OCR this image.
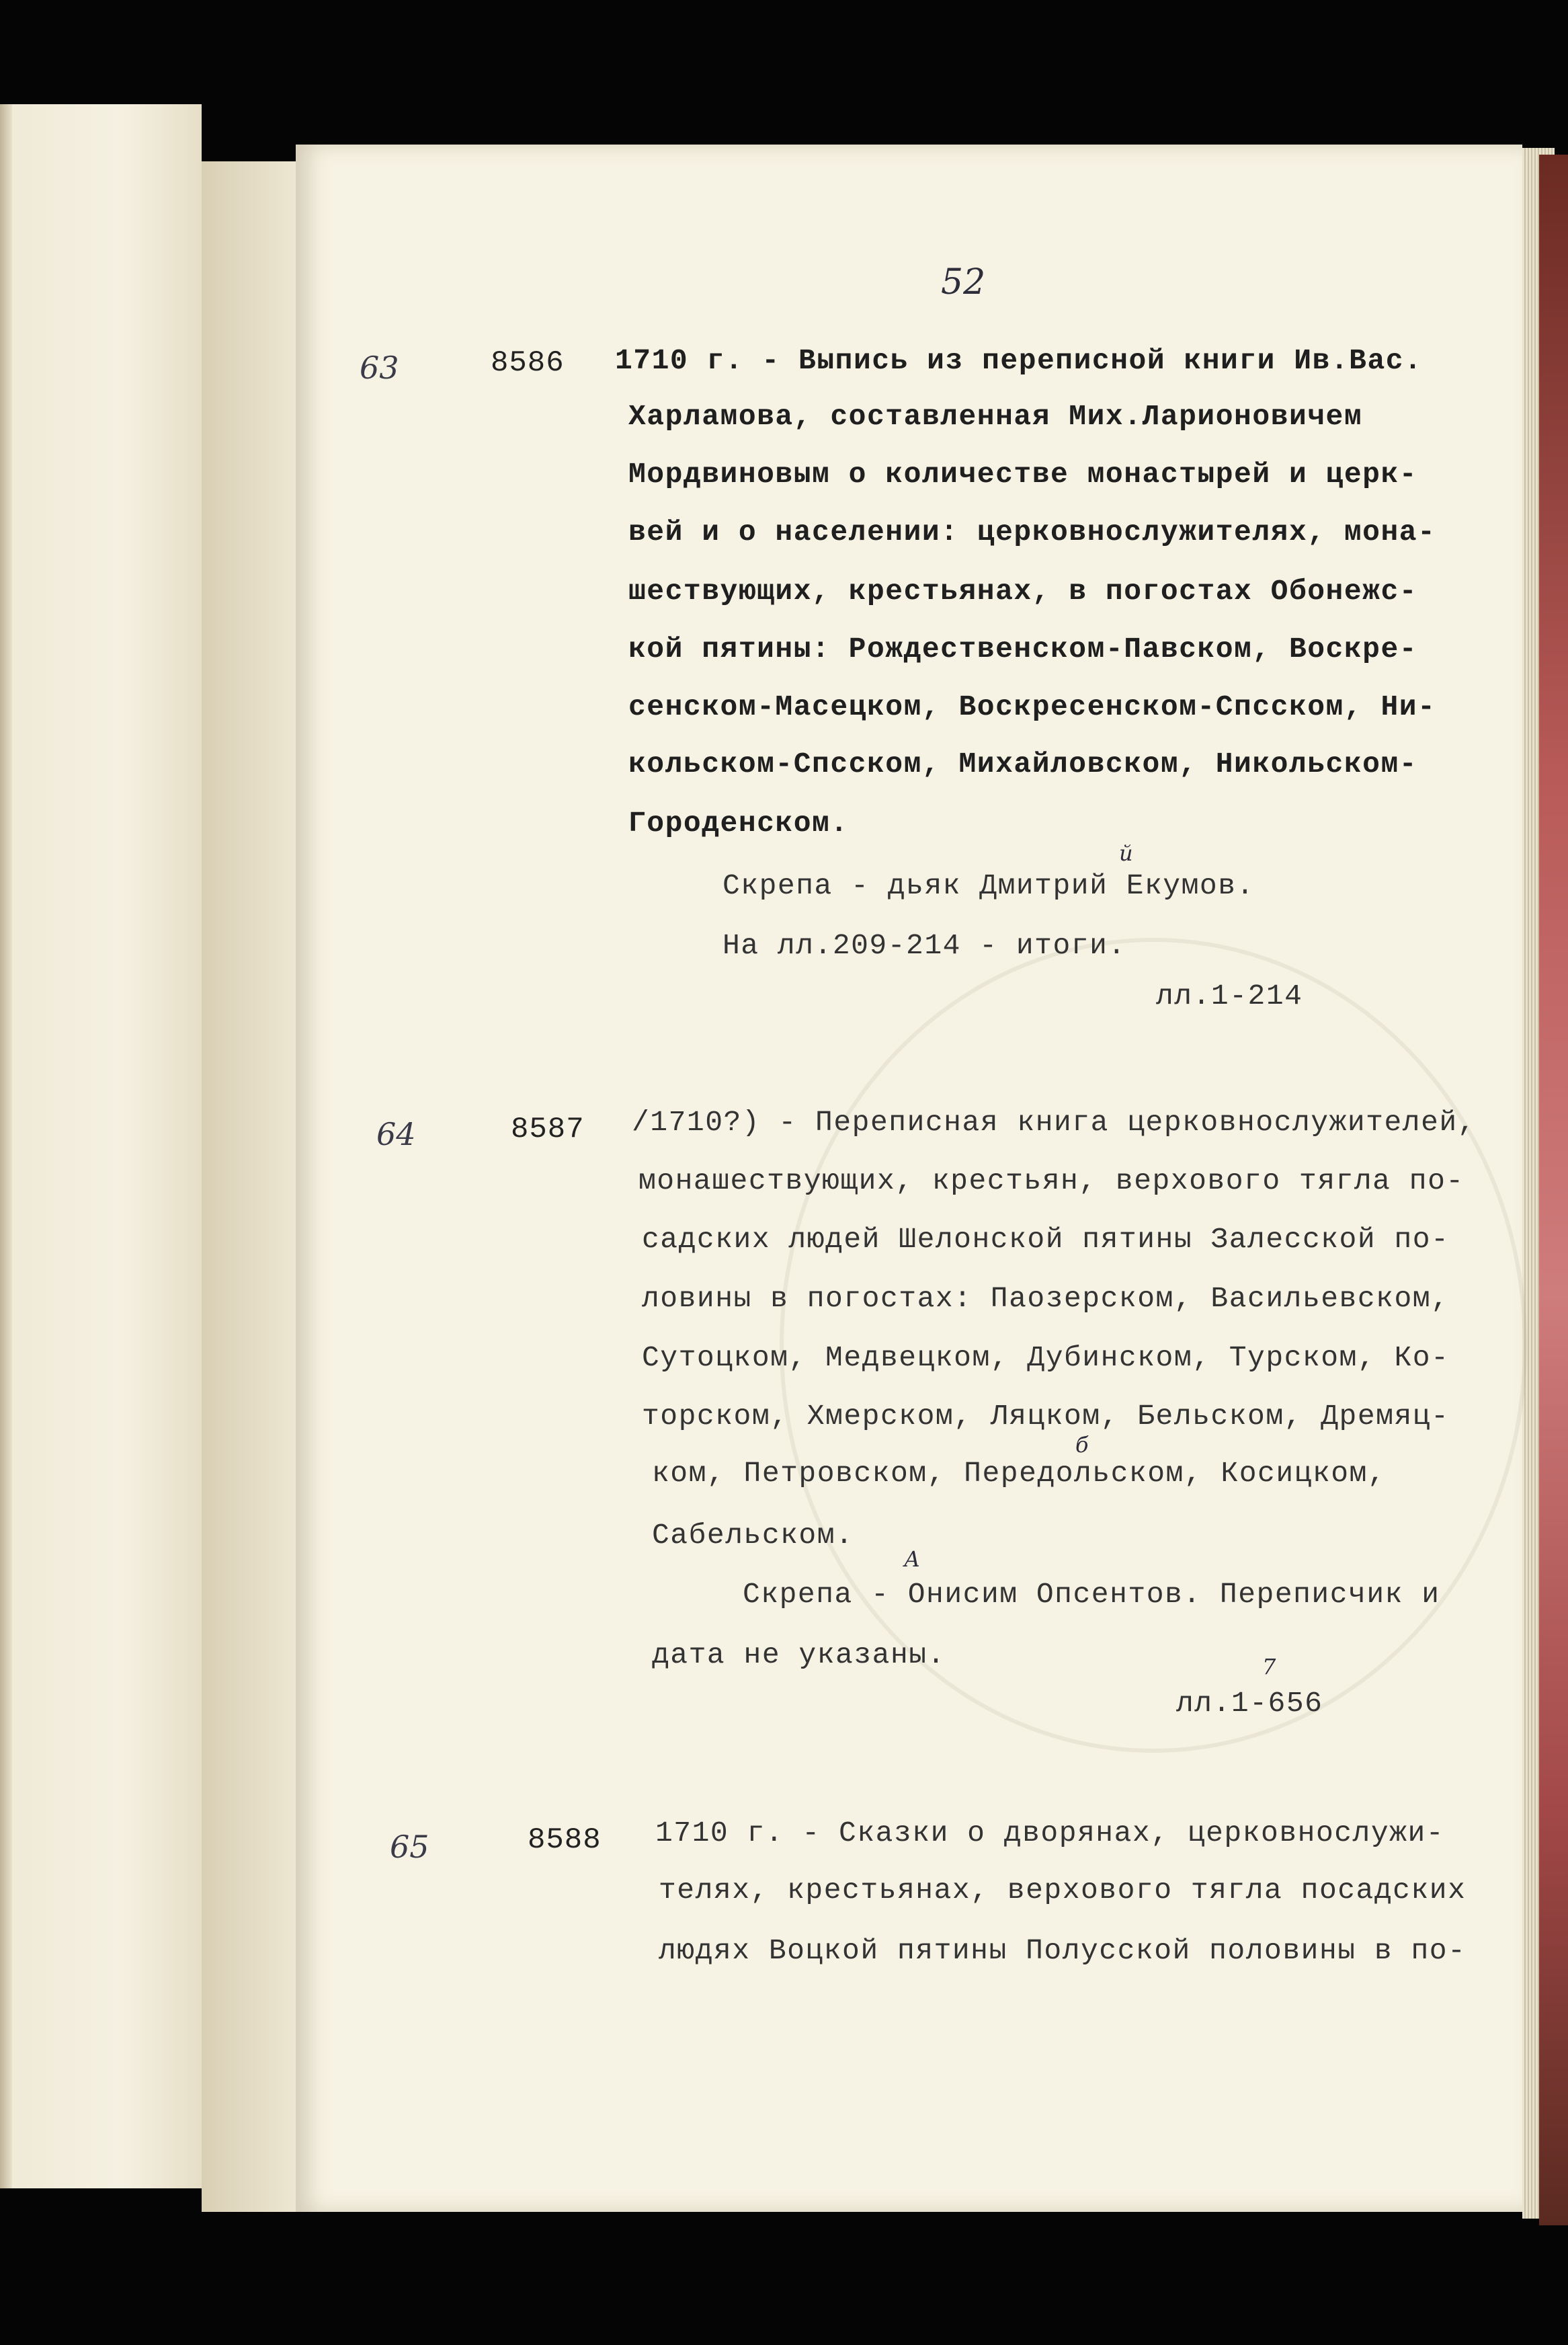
52
63	8586 1710 г. - Выпись из переписной книги Ив.Вас.
Харламова, составленная Мих.Ларионовичем
Мордвиновым о количестве монастырей и церк-
вей и о населении: церковнослужителях, мона-
шествующих, крестьянах, в погостах Обонежс-
кой пятины: Рождественском-Павском, Воскре-
сенском-Масецком, Воскресенском-Спсском, Ни-
кольском-Спсском, Михайловском, Никольском-
Городенском.
Скрепа - дьяк Дмитрий Екумов.
й
На лл.209-214 - итоги.
лл.1-214
64	8587 /1710?) - Переписная книга церковнослужителей,
монашествующих, крестьян, верхового тягла по-
садских людей Шелонской пятины Залесской по-
ловины в погостах: Паозерском, Васильевском,
Сутоцком, Медвецком, Дубинском, Турском, Ко-
торском, Хмерском, Ляцком, Бельском, Дремяц-
ком, Петровском, Передольском, Косицком,
б
Сабельском.
Скрепа - Онисим Опсентов. Переписчик и
А
дата не указаны.
лл.1-656
7
65	8588 1710 г. - Сказки о дворянах, церковнослужи-
телях, крестьянах, верхового тягла посадских
людях Воцкой пятины Полусской половины в по-
